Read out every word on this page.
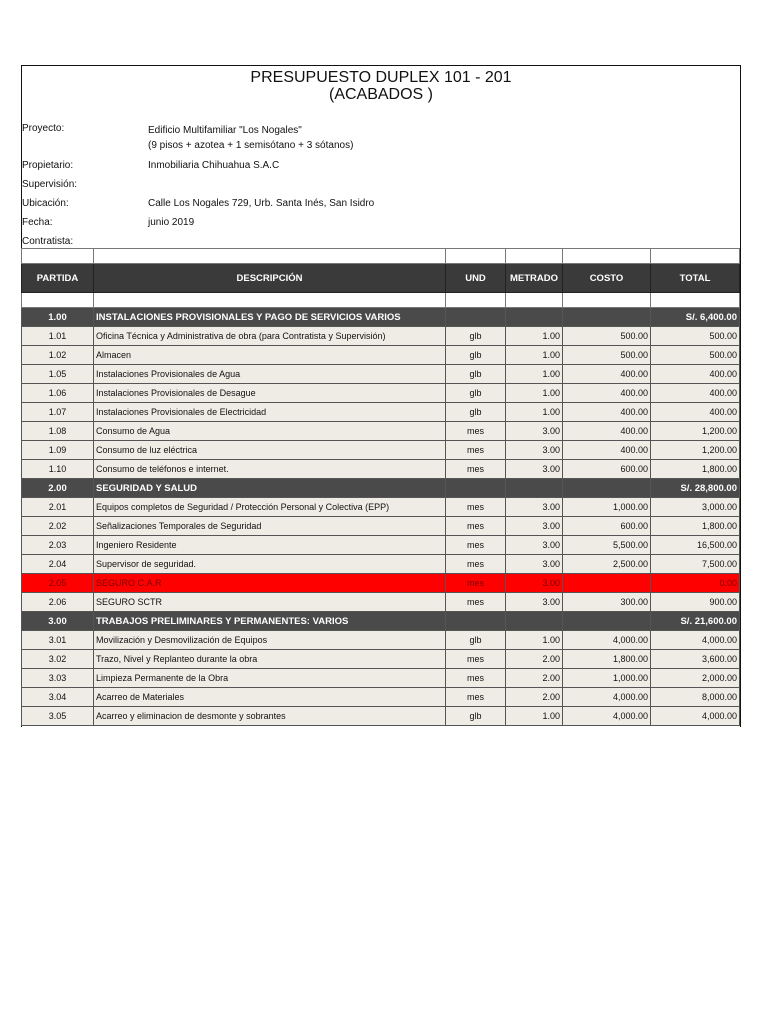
PRESUPUESTO DUPLEX 101 - 201
(ACABADOS )
Proyecto:	Edificio Multifamiliar "Los Nogales"
(9 pisos + azotea + 1 semisótano + 3 sótanos)
Propietario:	Inmobiliaria Chihuahua S.A.C
Supervisión:
Ubicación:	Calle Los Nogales 729, Urb. Santa Inés, San Isidro
Fecha:	junio 2019
Contratista:

PARTIDA	DESCRIPCIÓN	UND	METRADO	COSTO	TOTAL

1.00	INSTALACIONES PROVISIONALES Y PAGO DE SERVICIOS VARIOS				S/. 6,400.00
1.01	Oficina Técnica y Administrativa de obra (para Contratista y Supervisión)	glb	1.00	500.00	500.00
1.02	Almacen	glb	1.00	500.00	500.00
1.05	Instalaciones Provisionales de Agua	glb	1.00	400.00	400.00
1.06	Instalaciones Provisionales de Desague	glb	1.00	400.00	400.00
1.07	Instalaciones Provisionales de Electricidad	glb	1.00	400.00	400.00
1.08	Consumo de Agua	mes	3.00	400.00	1,200.00
1.09	Consumo de luz eléctrica	mes	3.00	400.00	1,200.00
1.10	Consumo de teléfonos e internet.	mes	3.00	600.00	1,800.00
2.00	SEGURIDAD Y SALUD				S/. 28,800.00
2.01	Equipos completos de Seguridad / Protección Personal y Colectiva (EPP)	mes	3.00	1,000.00	3,000.00
2.02	Señalizaciones Temporales de Seguridad	mes	3.00	600.00	1,800.00
2.03	Ingeniero Residente	mes	3.00	5,500.00	16,500.00
2.04	Supervisor de seguridad.	mes	3.00	2,500.00	7,500.00
2.05	SEGURO C.A.R	mes	3.00		0.00
2.06	SEGURO SCTR	mes	3.00	300.00	900.00
3.00	TRABAJOS PRELIMINARES Y PERMANENTES: VARIOS				S/. 21,600.00
3.01	Movilización y Desmovilización de Equipos	glb	1.00	4,000.00	4,000.00
3.02	Trazo, Nivel y Replanteo durante la obra	mes	2.00	1,800.00	3,600.00
3.03	Limpieza Permanente de la Obra	mes	2.00	1,000.00	2,000.00
3.04	Acarreo de Materiales	mes	2.00	4,000.00	8,000.00
3.05	Acarreo y eliminacion de desmonte y sobrantes	glb	1.00	4,000.00	4,000.00
